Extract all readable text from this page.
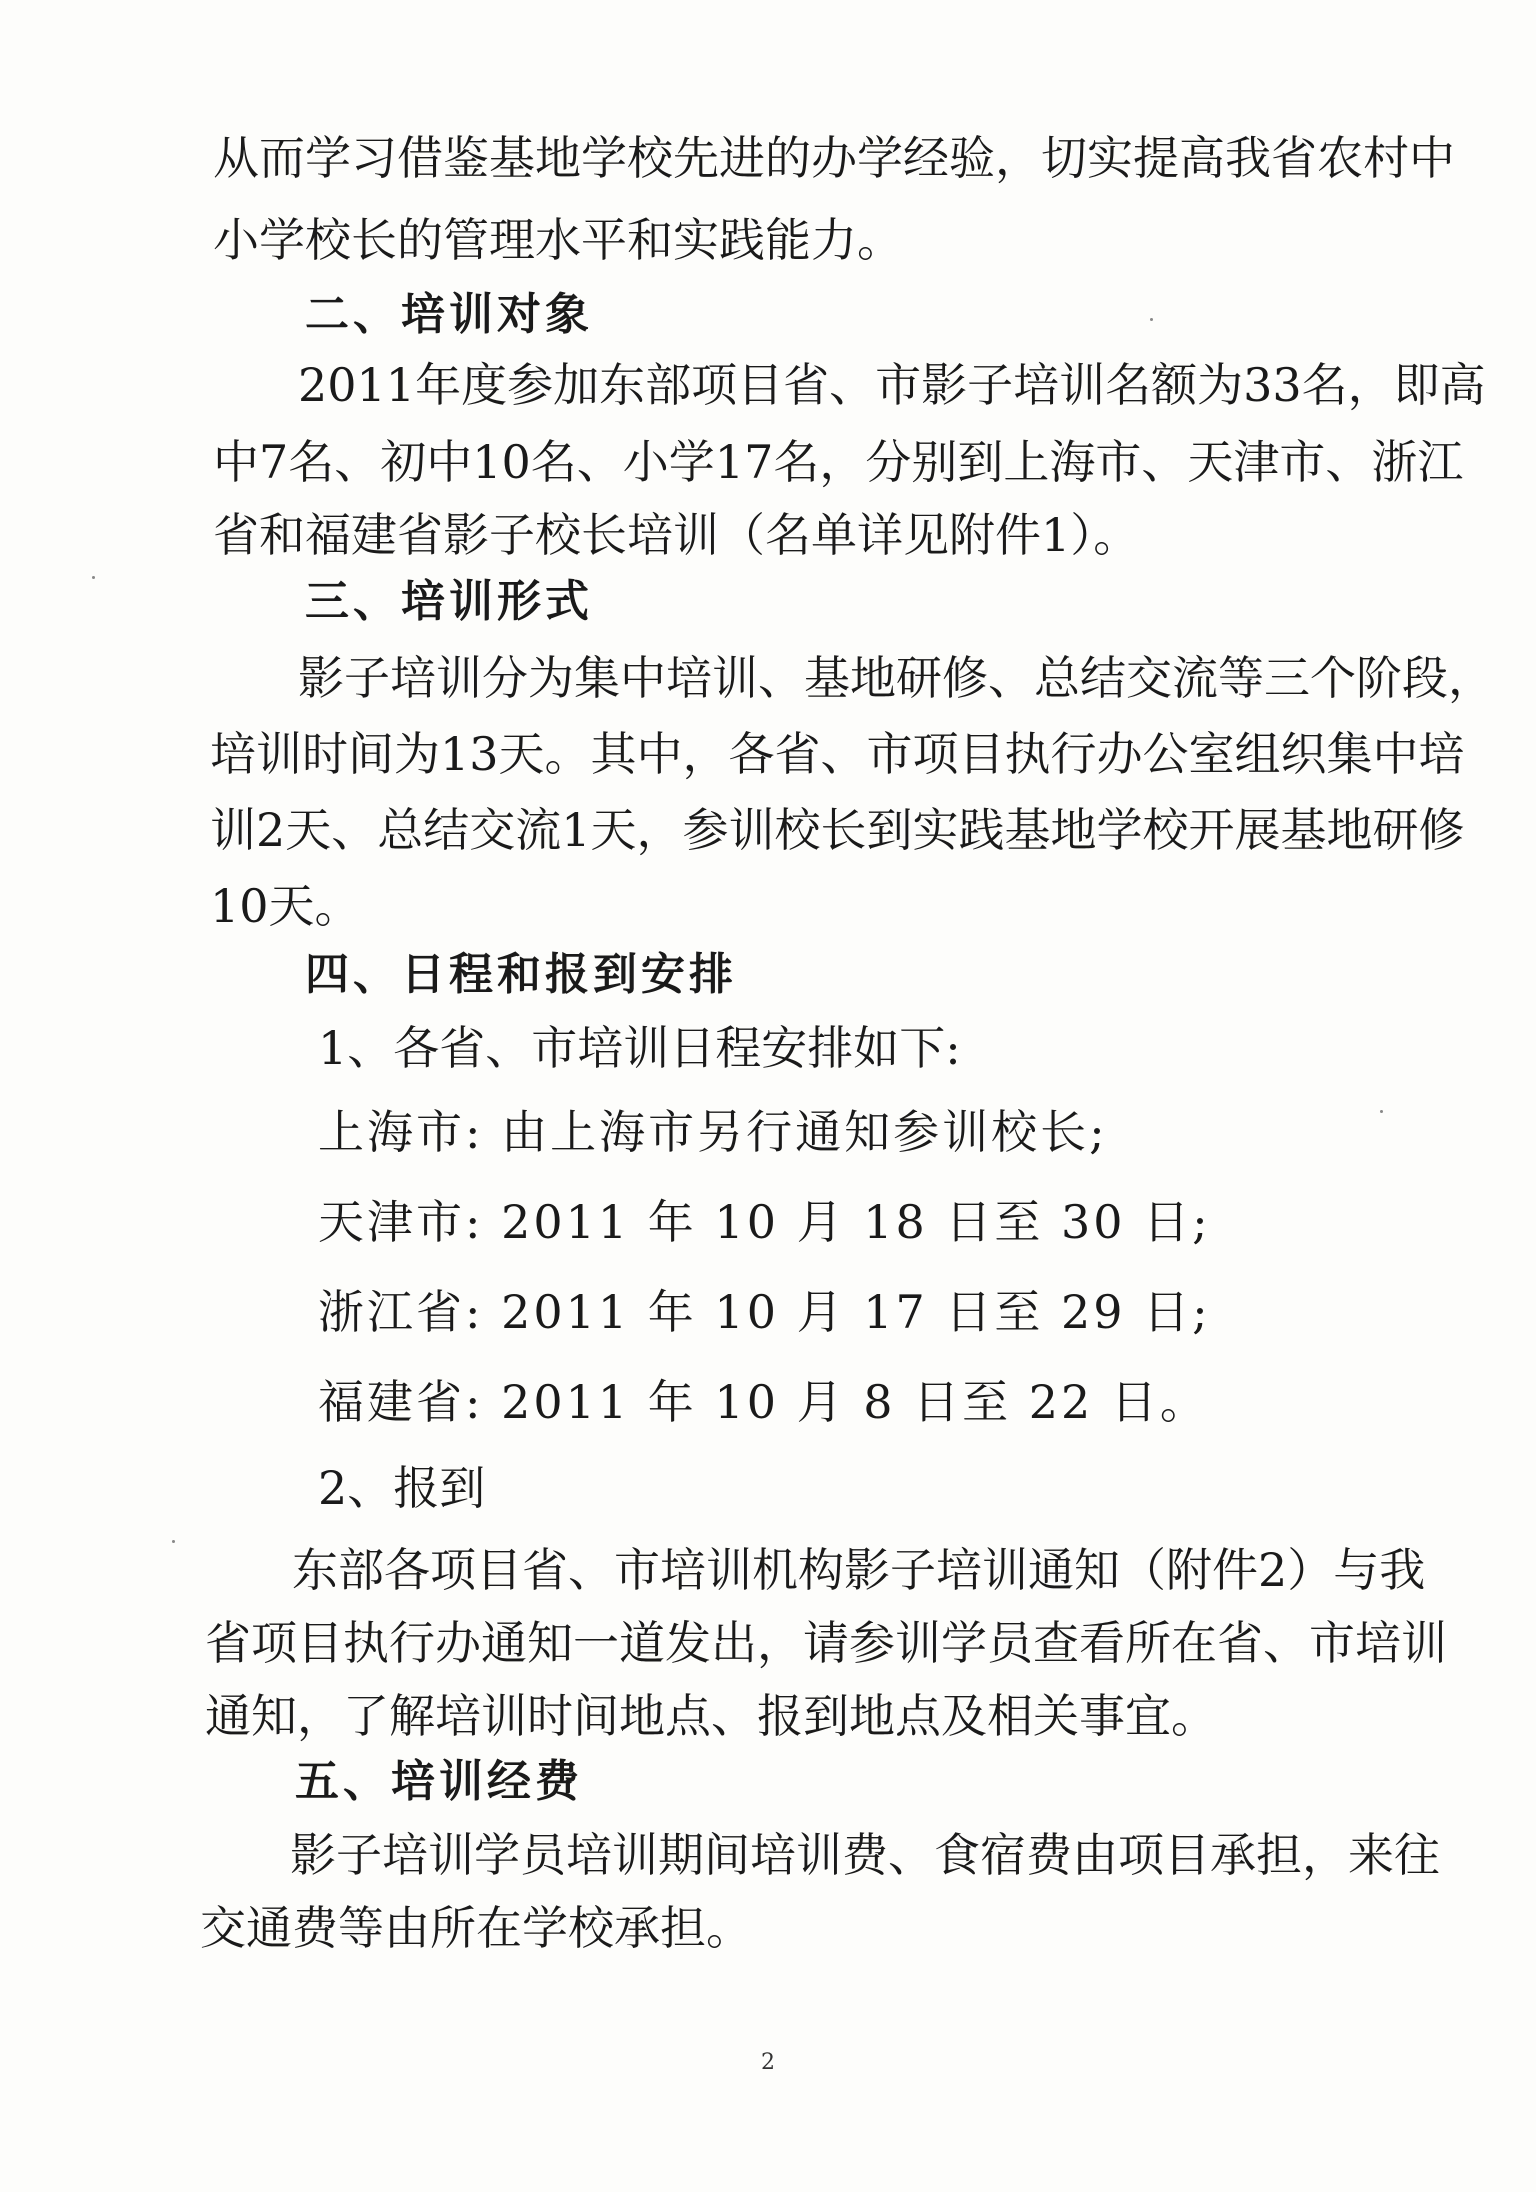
从而学习借鉴基地学校先进的办学经验，切实提高我省农村中
小学校长的管理水平和实践能力。
二、培训对象
2011年度参加东部项目省、市影子培训名额为33名，即高
中7名、初中10名、小学17名，分别到上海市、天津市、浙江
省和福建省影子校长培训（名单详见附件1）。
三、培训形式
影子培训分为集中培训、基地研修、总结交流等三个阶段，
培训时间为13天。其中，各省、市项目执行办公室组织集中培
训2天、总结交流1天，参训校长到实践基地学校开展基地研修
10天。
四、日程和报到安排
1、各省、市培训日程安排如下:
上海市: 由上海市另行通知参训校长;
天津市: 2011 年 10 月 18 日至 30 日;
浙江省: 2011 年 10 月 17 日至 29 日;
福建省: 2011 年 10 月 8 日至 22 日。
2、报到
东部各项目省、市培训机构影子培训通知（附件2）与我
省项目执行办通知一道发出，请参训学员查看所在省、市培训
通知，了解培训时间地点、报到地点及相关事宜。
五、培训经费
影子培训学员培训期间培训费、食宿费由项目承担，来往
交通费等由所在学校承担。
2
